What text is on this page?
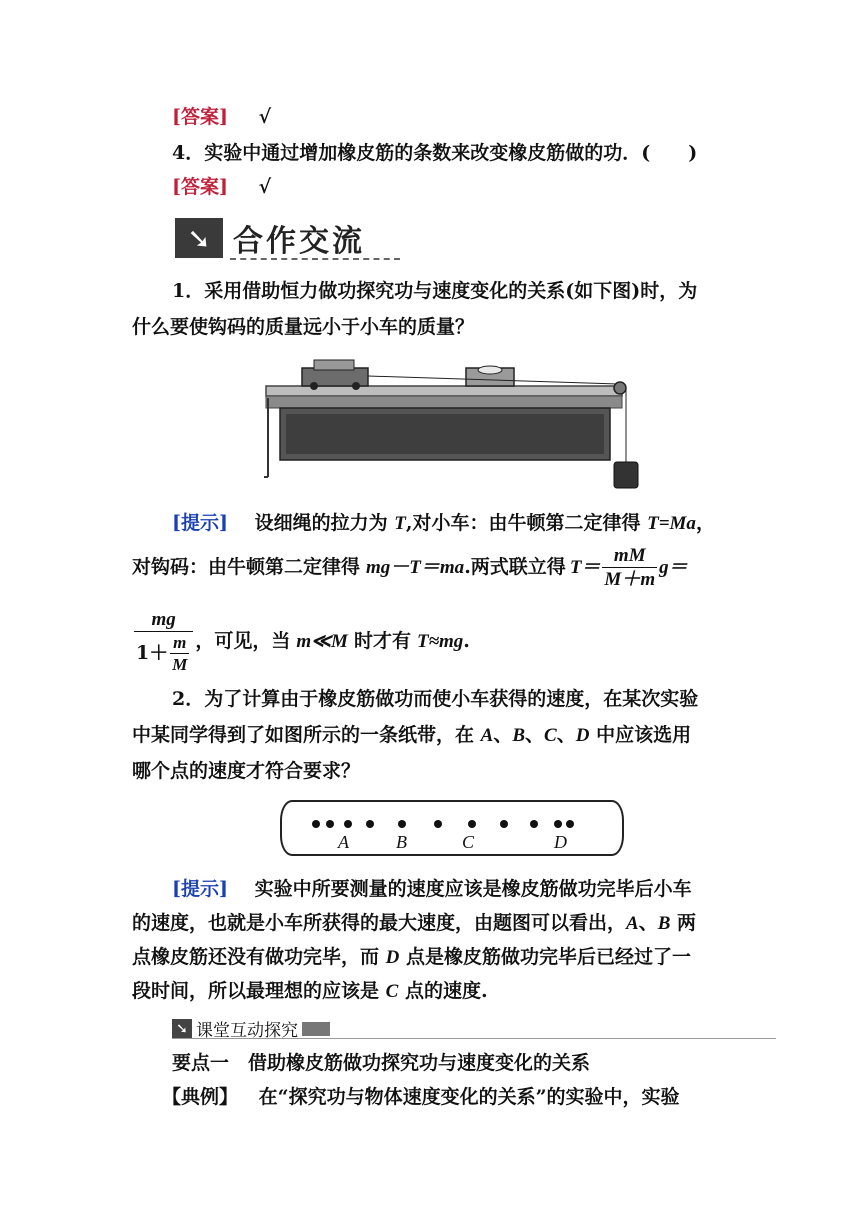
[答案] √
4．实验中通过增加橡皮筋的条数来改变橡皮筋做的功．(　　)
[答案] √
➘ 合作交流
1．采用借助恒力做功探究功与速度变化的关系(如下图)时，为
什么要使钩码的质量远小于小车的质量？
[提示] 设细绳的拉力为 T,对小车：由牛顿第二定律得 T=Ma，
对钩码：由牛顿第二定律得 mg－T＝ma .两式联立得 $T= \frac{mM}{M+m} g=$
$\frac{mg}{1+ \frac{m}{M}}$ ，可见，当 m≪M 时才有 T≈mg .
2．为了计算由于橡皮筋做功而使小车获得的速度，在某次实验
中某同学得到了如图所示的一条纸带，在 A、B、C、D 中应该选用
哪个点的速度才符合要求？
A	B	C	D
[提示] 实验中所要测量的速度应该是橡皮筋做功完毕后小车
的速度，也就是小车所获得的最大速度，由题图可以看出，A、B 两
点橡皮筋还没有做功完毕，而 D 点是橡皮筋做功完毕后已经过了一
段时间，所以最理想的应该是 C 点的速度.
➘ 课堂互动探究
要点一　借助橡皮筋做功探究功与速度变化的关系
【典例】 在“探究功与物体速度变化的关系”的实验中，实验
